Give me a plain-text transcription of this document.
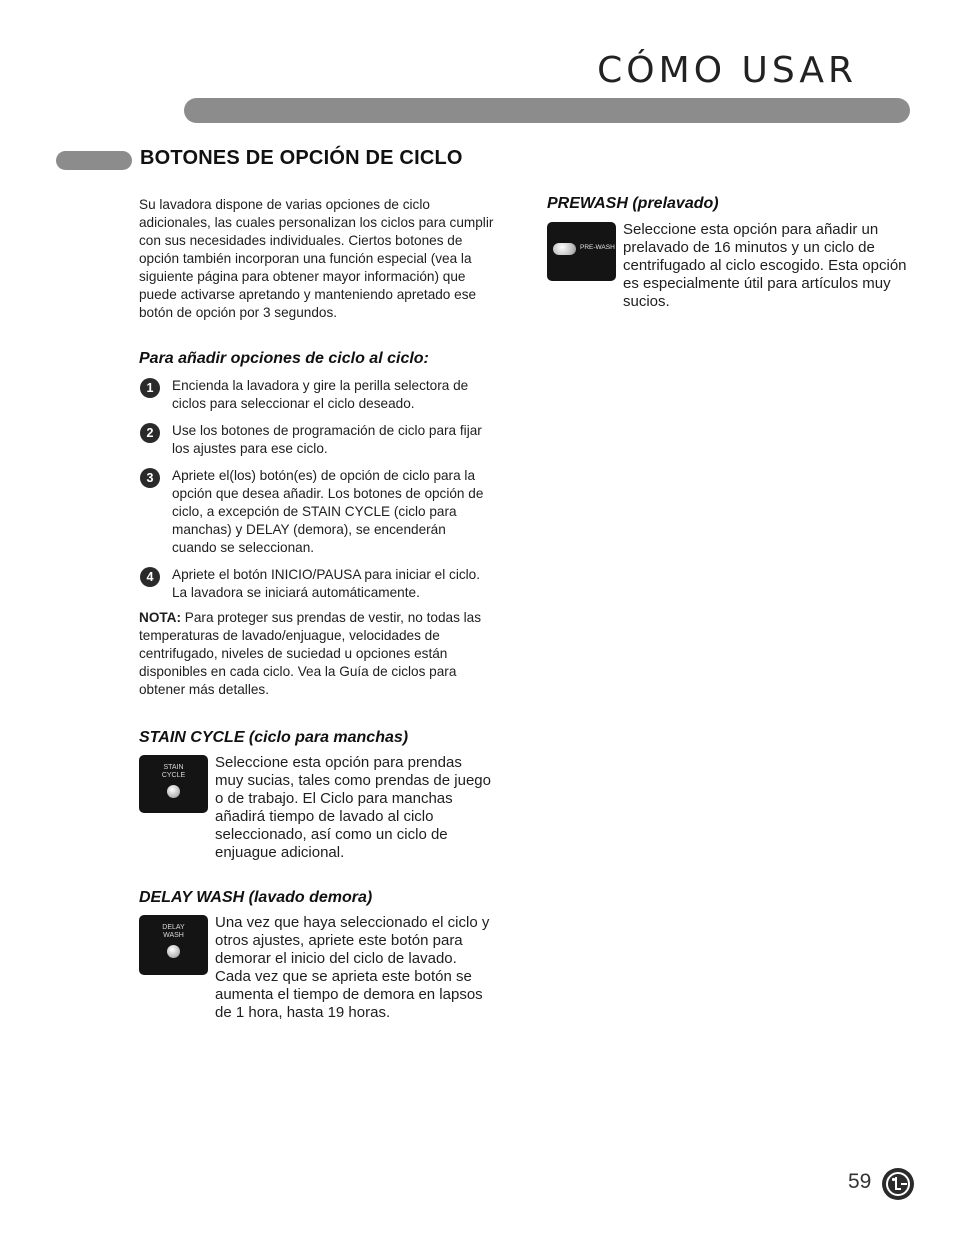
CÓMO USAR
BOTONES DE OPCIÓN DE CICLO

Su lavadora dispone de varias opciones de ciclo adicionales, las cuales personalizan los ciclos para cumplir con sus necesidades individuales. Ciertos botones de opción también incorporan una función especial (vea la siguiente página para obtener mayor información) que puede activarse apretando y manteniendo apretado ese botón de opción por 3 segundos.

Para añadir opciones de ciclo al ciclo:
1	Encienda la lavadora y gire la perilla selectora de ciclos para seleccionar el ciclo deseado.

2	Use los botones de programación de ciclo para fijar los ajustes para ese ciclo.

3	Apriete el(los) botón(es) de opción de ciclo para la opción que desea añadir. Los botones de opción de ciclo, a excepción de STAIN CYCLE (ciclo para manchas) y DELAY (demora), se encenderán cuando se seleccionan.

4	Apriete el botón INICIO/PAUSA para iniciar el ciclo. La lavadora se iniciará automáticamente.

NOTA: Para proteger sus prendas de vestir, no todas las temperaturas de lavado/enjuague, velocidades de centrifugado, niveles de suciedad u opciones están disponibles en cada ciclo. Vea la Guía de ciclos para obtener más detalles.

STAIN CYCLE (ciclo para manchas)
STAIN
CYCLE

Seleccione esta opción para prendas muy sucias, tales como prendas de juego o de trabajo. El Ciclo para manchas añadirá tiempo de lavado al ciclo seleccionado, así como un ciclo de enjuague adicional.

DELAY WASH (lavado demora)
DELAY
WASH

Una vez que haya seleccionado el ciclo y otros ajustes, apriete este botón para demorar el inicio del ciclo de lavado. Cada vez que se aprieta este botón se aumenta el tiempo de demora en lapsos de 1 hora, hasta 19 horas.

PREWASH (prelavado)
PRE-WASH

Seleccione esta opción para añadir un prelavado de 16 minutos y un ciclo de centrifugado al ciclo escogido. Esta opción es especialmente útil para artículos muy sucios.

59
